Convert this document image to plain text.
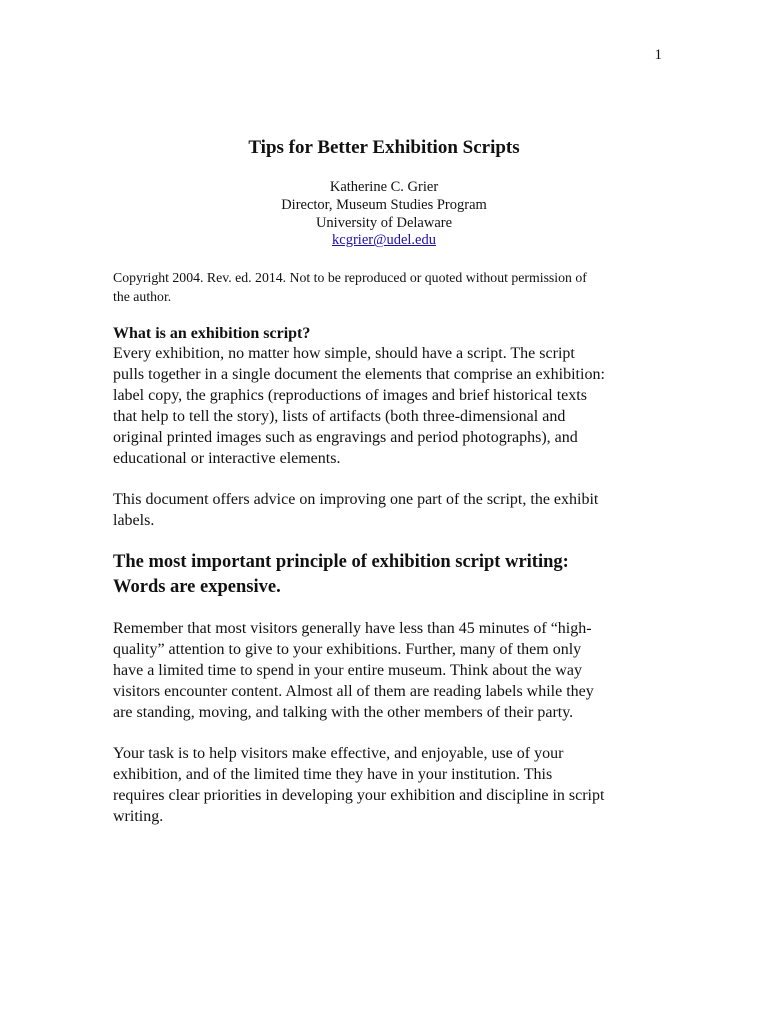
1
Tips for Better Exhibition Scripts
Katherine C. Grier
Director, Museum Studies Program
University of Delaware
kcgrier@udel.edu
Copyright 2004. Rev. ed. 2014. Not to be reproduced or quoted without permission of
the author.
What is an exhibition script?
Every exhibition, no matter how simple, should have a script. The script
pulls together in a single document the elements that comprise an exhibition:
label copy, the graphics (reproductions of images and brief historical texts
that help to tell the story), lists of artifacts (both three-dimensional and
original printed images such as engravings and period photographs), and
educational or interactive elements.
This document offers advice on improving one part of the script, the exhibit
labels.
The most important principle of exhibition script writing:
Words are expensive.
Remember that most visitors generally have less than 45 minutes of “high-
quality” attention to give to your exhibitions. Further, many of them only
have a limited time to spend in your entire museum. Think about the way
visitors encounter content. Almost all of them are reading labels while they
are standing, moving, and talking with the other members of their party.
Your task is to help visitors make effective, and enjoyable, use of your
exhibition, and of the limited time they have in your institution. This
requires clear priorities in developing your exhibition and discipline in script
writing.
